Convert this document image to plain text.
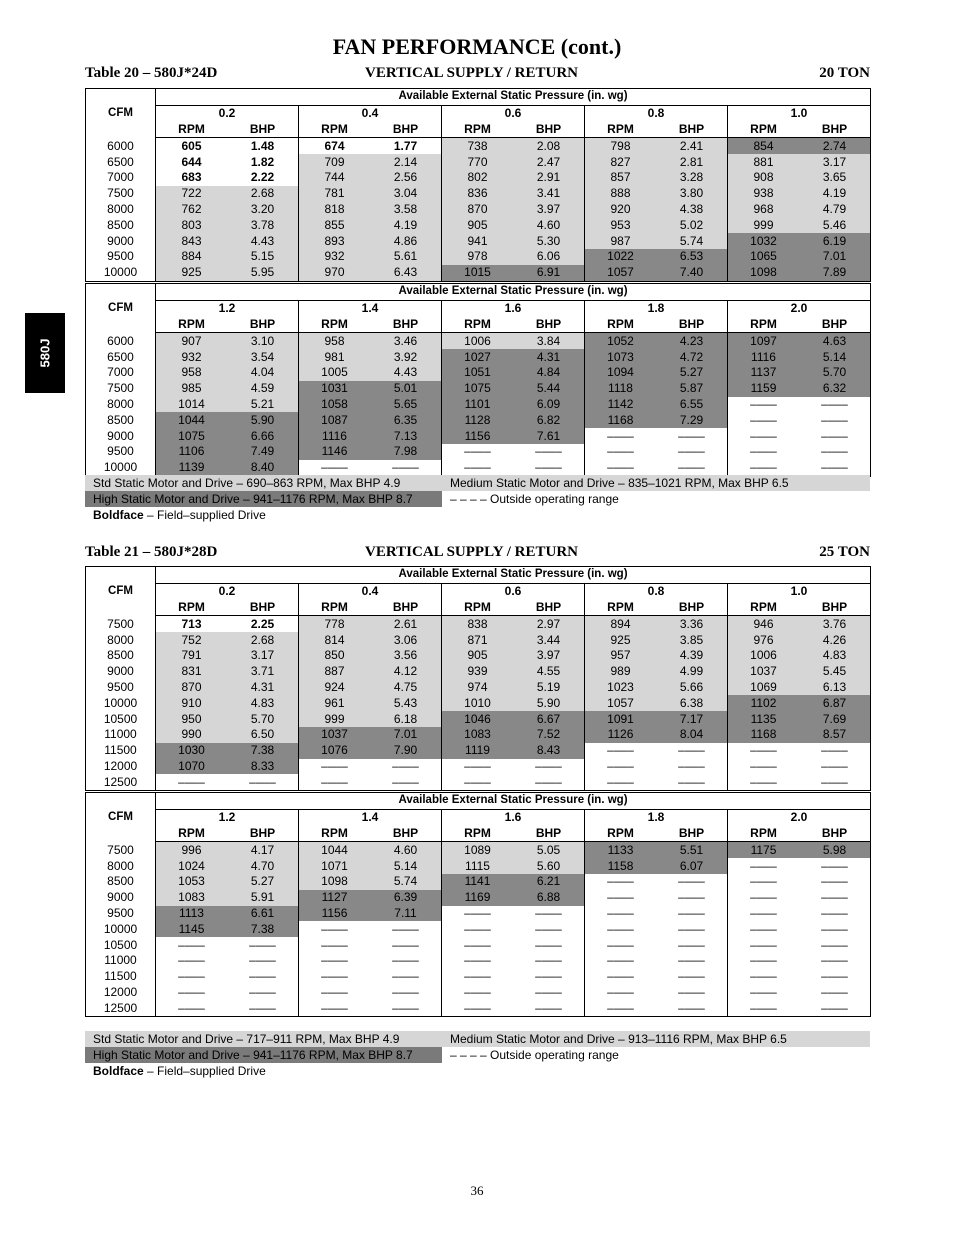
FAN PERFORMANCE (cont.)
580J
Table 20 – 580J*24D	VERTICAL SUPPLY / RETURN	20 TON
CFM	Available External Static Pressure (in. wg)									
	0.2		0.4		0.6		0.8		1.0	
	RPM	BHP	RPM	BHP	RPM	BHP	RPM	BHP	RPM	BHP
6000	605	1.48	674	1.77	738	2.08	798	2.41	854	2.74
6500	644	1.82	709	2.14	770	2.47	827	2.81	881	3.17
7000	683	2.22	744	2.56	802	2.91	857	3.28	908	3.65
7500	722	2.68	781	3.04	836	3.41	888	3.80	938	4.19
8000	762	3.20	818	3.58	870	3.97	920	4.38	968	4.79
8500	803	3.78	855	4.19	905	4.60	953	5.02	999	5.46
9000	843	4.43	893	4.86	941	5.30	987	5.74	1032	6.19
9500	884	5.15	932	5.61	978	6.06	1022	6.53	1065	7.01
10000	925	5.95	970	6.43	1015	6.91	1057	7.40	1098	7.89
CFM	Available External Static Pressure (in. wg)									
	1.2		1.4		1.6		1.8		2.0	
	RPM	BHP	RPM	BHP	RPM	BHP	RPM	BHP	RPM	BHP
6000	907	3.10	958	3.46	1006	3.84	1052	4.23	1097	4.63
6500	932	3.54	981	3.92	1027	4.31	1073	4.72	1116	5.14
7000	958	4.04	1005	4.43	1051	4.84	1094	5.27	1137	5.70
7500	985	4.59	1031	5.01	1075	5.44	1118	5.87	1159	6.32
8000	1014	5.21	1058	5.65	1101	6.09	1142	6.55	––––	––––
8500	1044	5.90	1087	6.35	1128	6.82	1168	7.29	––––	––––
9000	1075	6.66	1116	7.13	1156	7.61	––––	––––	––––	––––
9500	1106	7.49	1146	7.98	––––	––––	––––	––––	––––	––––
10000	1139	8.40	––––	––––	––––	––––	––––	––––	––––	––––
Std Static Motor and Drive – 690–863 RPM, Max BHP 4.9	Medium Static Motor and Drive – 835–1021 RPM, Max BHP 6.5
High Static Motor and Drive – 941–1176 RPM, Max BHP 8.7	– – – – Outside operating range
Boldface – Field–supplied Drive
Table 21 – 580J*28D	VERTICAL SUPPLY / RETURN	25 TON
CFM	Available External Static Pressure (in. wg)									
	0.2		0.4		0.6		0.8		1.0	
	RPM	BHP	RPM	BHP	RPM	BHP	RPM	BHP	RPM	BHP
7500	713	2.25	778	2.61	838	2.97	894	3.36	946	3.76
8000	752	2.68	814	3.06	871	3.44	925	3.85	976	4.26
8500	791	3.17	850	3.56	905	3.97	957	4.39	1006	4.83
9000	831	3.71	887	4.12	939	4.55	989	4.99	1037	5.45
9500	870	4.31	924	4.75	974	5.19	1023	5.66	1069	6.13
10000	910	4.83	961	5.43	1010	5.90	1057	6.38	1102	6.87
10500	950	5.70	999	6.18	1046	6.67	1091	7.17	1135	7.69
11000	990	6.50	1037	7.01	1083	7.52	1126	8.04	1168	8.57
11500	1030	7.38	1076	7.90	1119	8.43	––––	––––	––––	––––
12000	1070	8.33	––––	––––	––––	––––	––––	––––	––––	––––
12500	––––	––––	––––	––––	––––	––––	––––	––––	––––	––––
CFM	Available External Static Pressure (in. wg)									
	1.2		1.4		1.6		1.8		2.0	
	RPM	BHP	RPM	BHP	RPM	BHP	RPM	BHP	RPM	BHP
7500	996	4.17	1044	4.60	1089	5.05	1133	5.51	1175	5.98
8000	1024	4.70	1071	5.14	1115	5.60	1158	6.07	––––	––––
8500	1053	5.27	1098	5.74	1141	6.21	––––	––––	––––	––––
9000	1083	5.91	1127	6.39	1169	6.88	––––	––––	––––	––––
9500	1113	6.61	1156	7.11	––––	––––	––––	––––	––––	––––
10000	1145	7.38	––––	––––	––––	––––	––––	––––	––––	––––
10500	––––	––––	––––	––––	––––	––––	––––	––––	––––	––––
11000	––––	––––	––––	––––	––––	––––	––––	––––	––––	––––
11500	––––	––––	––––	––––	––––	––––	––––	––––	––––	––––
12000	––––	––––	––––	––––	––––	––––	––––	––––	––––	––––
12500	––––	––––	––––	––––	––––	––––	––––	––––	––––	––––
Std Static Motor and Drive – 717–911 RPM, Max BHP 4.9	Medium Static Motor and Drive – 913–1116 RPM, Max BHP 6.5
High Static Motor and Drive – 941–1176 RPM, Max BHP 8.7	– – – – Outside operating range
Boldface – Field–supplied Drive
36
